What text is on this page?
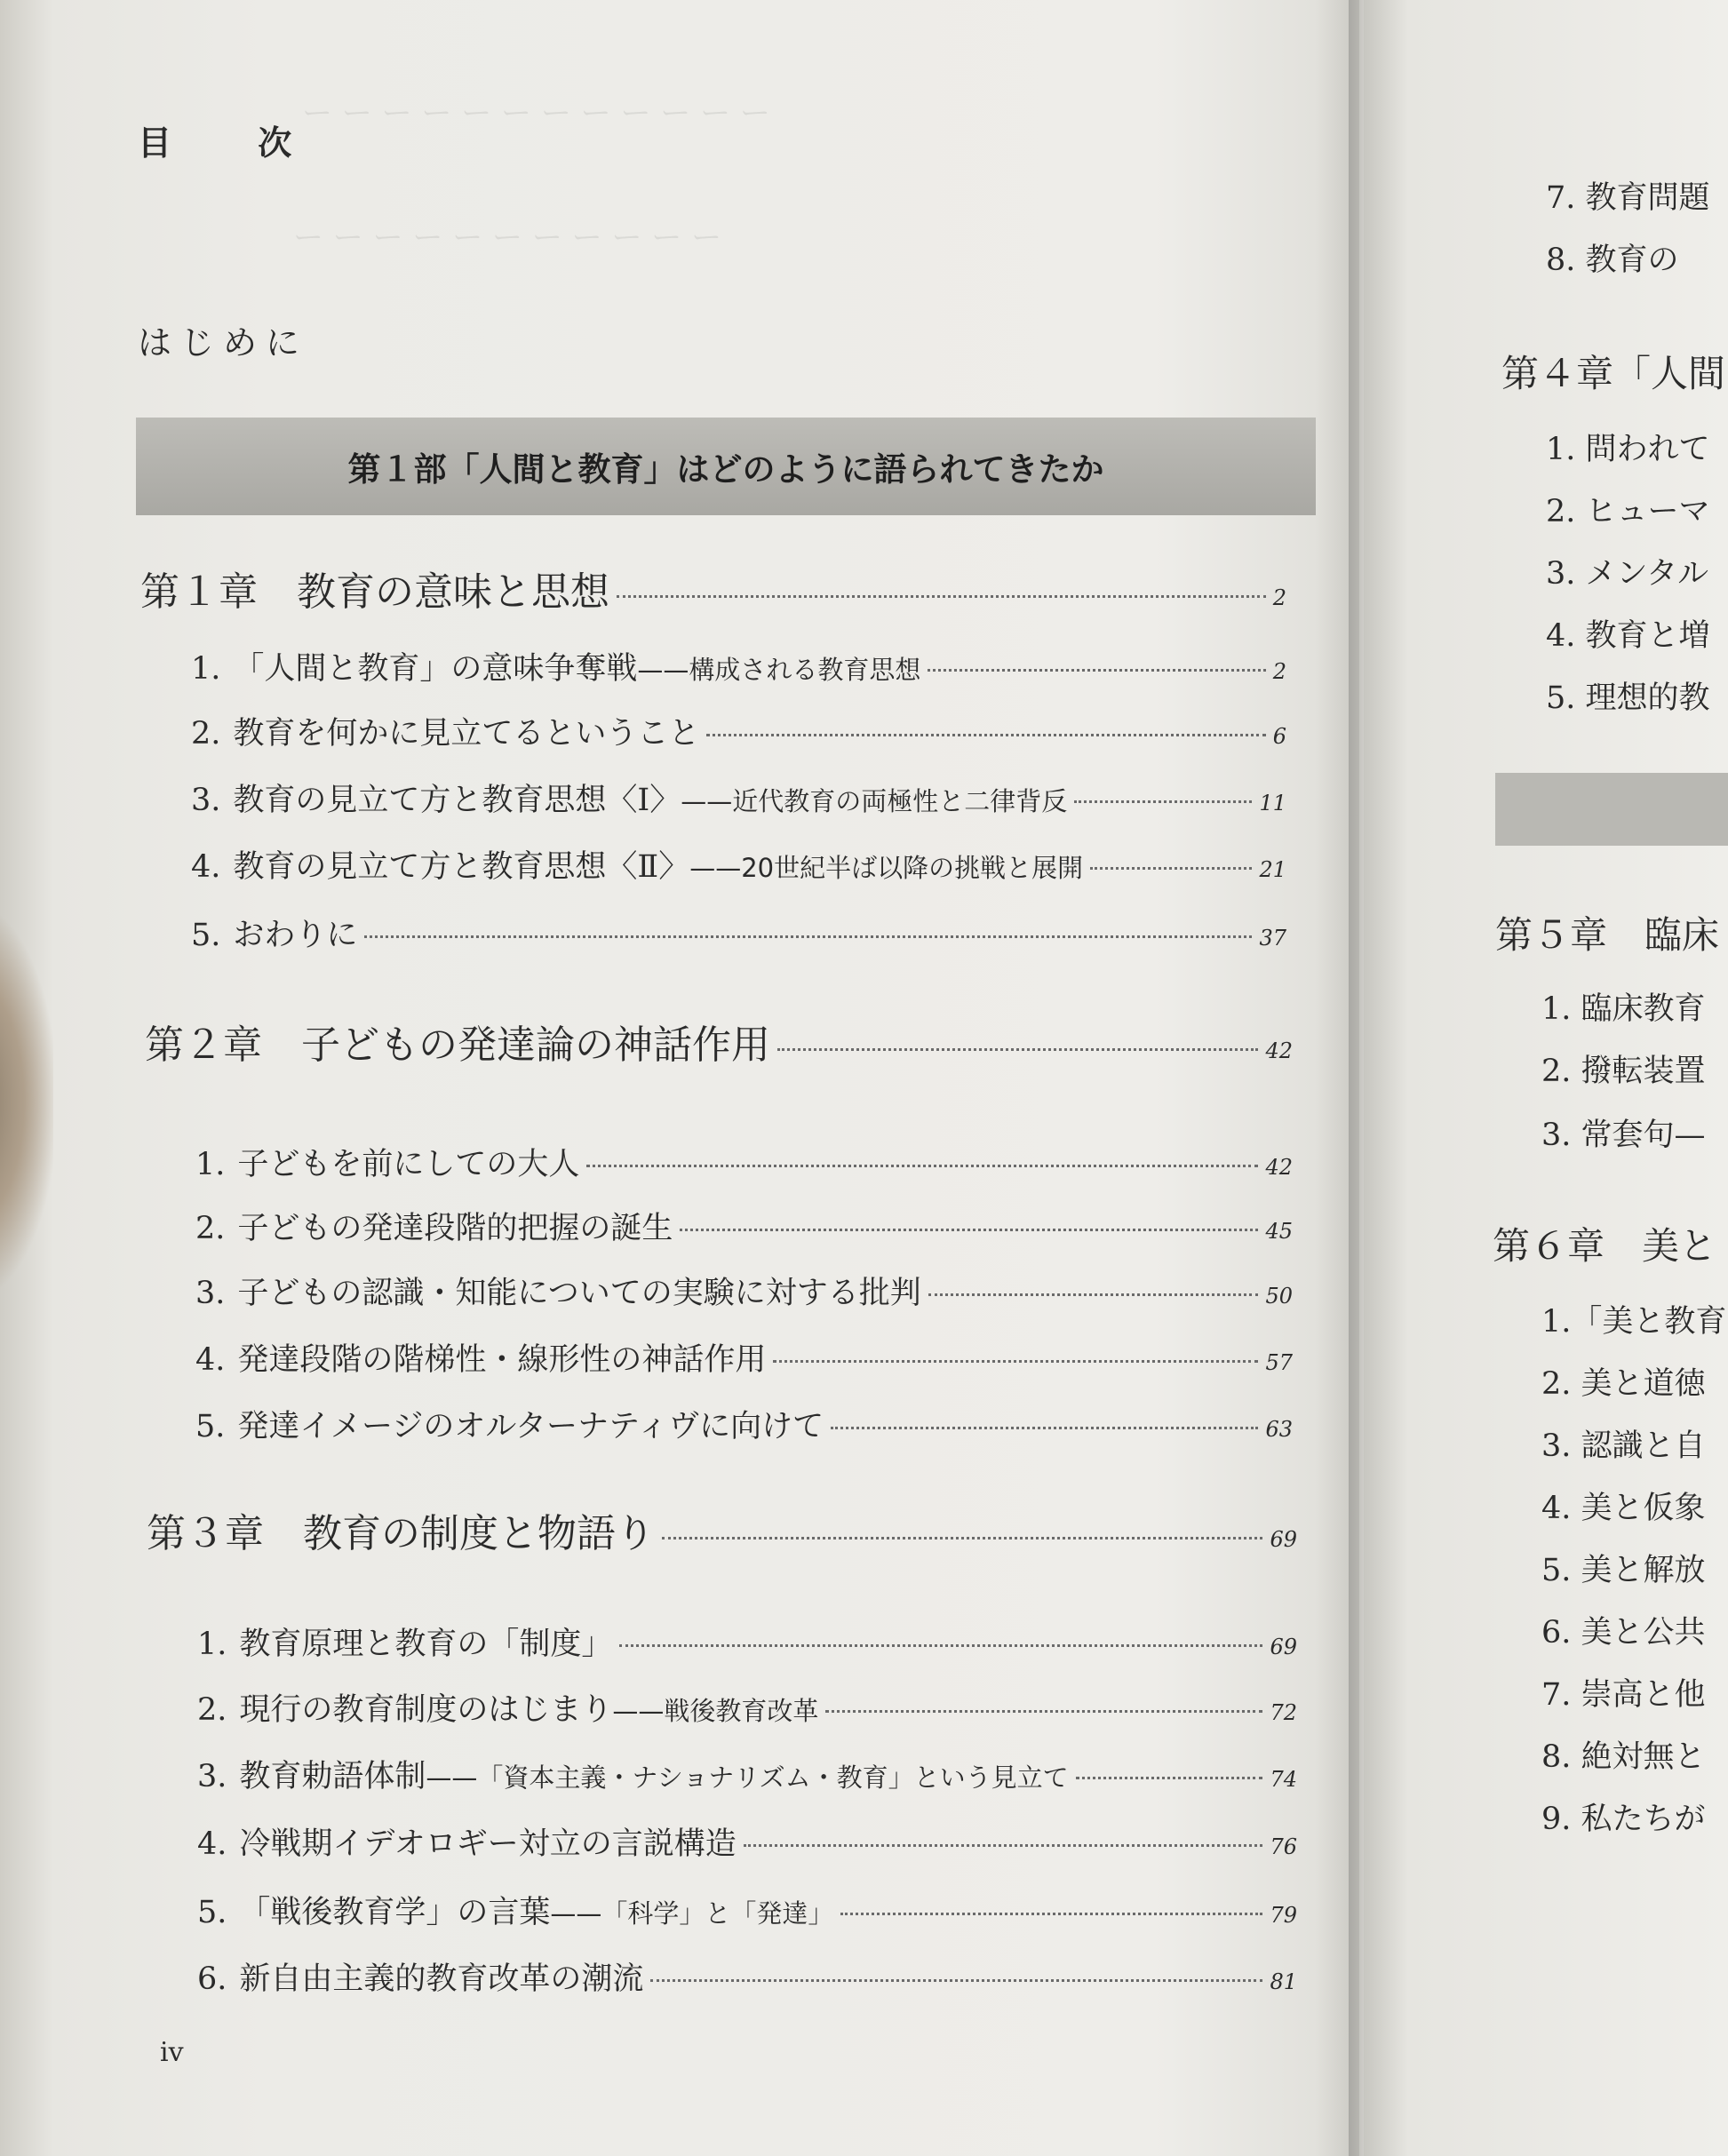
ー ー ー ー ー ー ー ー ー ー ー ー
ー ー ー ー ー ー ー ー ー ー ー
目	次
はじめに
第１部「人間と教育」はどのように語られてきたか
第１章　教育の意味と思想	2
1. 「人間と教育」の意味争奪戦 ——構成される教育思想	2
2. 教育を何かに見立てるということ	6
3. 教育の見立て方と教育思想〈Ⅰ〉 ——近代教育の両極性と二律背反	11
4. 教育の見立て方と教育思想〈Ⅱ〉 ——20世紀半ば以降の挑戦と展開	21
5. おわりに	37
第２章　子どもの発達論の神話作用	42
1. 子どもを前にしての大人	42
2. 子どもの発達段階的把握の誕生	45
3. 子どもの認識・知能についての実験に対する批判	50
4. 発達段階の階梯性・線形性の神話作用	57
5. 発達イメージのオルターナティヴに向けて	63
第３章　教育の制度と物語り	69
1. 教育原理と教育の「制度」	69
2. 現行の教育制度のはじまり ——戦後教育改革	72
3. 教育勅語体制 ——「資本主義・ナショナリズム・教育」という見立て	74
4. 冷戦期イデオロギー対立の言説構造	76
5. 「戦後教育学」の言葉 ——「科学」と「発達」	79
6. 新自由主義的教育改革の潮流	81
iv
7. 教育問題
8. 教育の
第４章「人間
1. 問われて
2. ヒューマ
3. メンタル
4. 教育と増
5. 理想的教
第５章　臨床
1. 臨床教育
2. 撥転装置
3. 常套句—
第６章　美と
1.「美と教育
2. 美と道徳
3. 認識と自
4. 美と仮象
5. 美と解放
6. 美と公共
7. 崇高と他
8. 絶対無と
9. 私たちが
